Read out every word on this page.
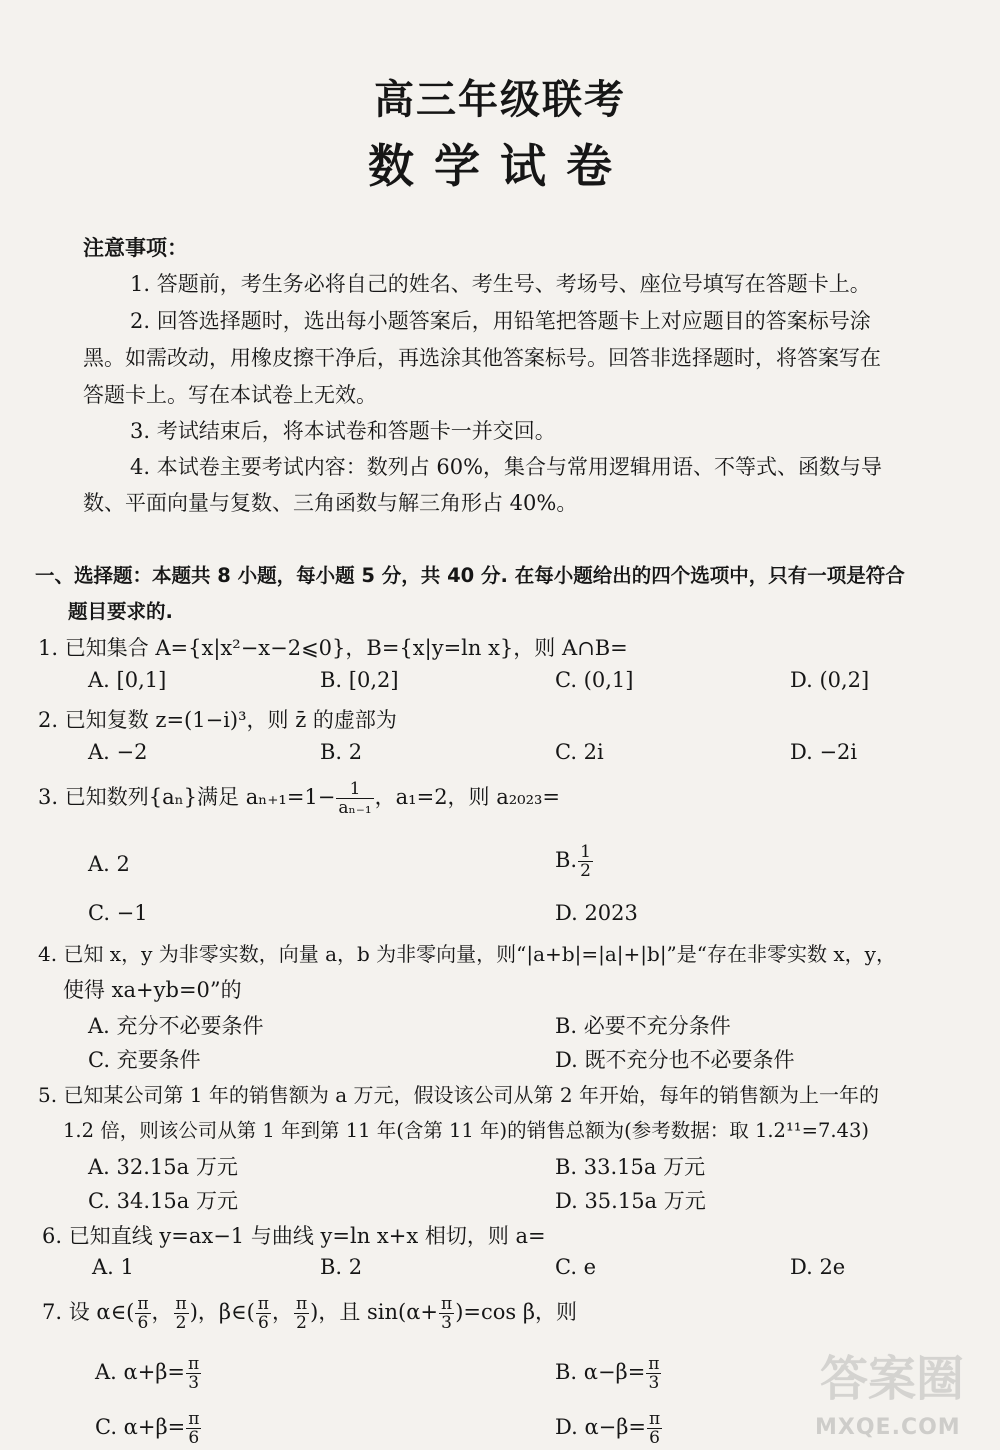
高三年级联考
数学试卷
注意事项：
1. 答题前，考生务必将自己的姓名、考生号、考场号、座位号填写在答题卡上。
2. 回答选择题时，选出每小题答案后，用铅笔把答题卡上对应题目的答案标号涂
黑。如需改动，用橡皮擦干净后，再选涂其他答案标号。回答非选择题时，将答案写在
答题卡上。写在本试卷上无效。
3. 考试结束后，将本试卷和答题卡一并交回。
4. 本试卷主要考试内容：数列占 60%，集合与常用逻辑用语、不等式、函数与导
数、平面向量与复数、三角函数与解三角形占 40%。
一、选择题：本题共 8 小题，每小题 5 分，共 40 分. 在每小题给出的四个选项中，只有一项是符合
题目要求的.
1. 已知集合 A={x|x²−x−2⩽0}，B={x|y=ln x}，则 A∩B=
A. [0,1]	B. [0,2]	C. (0,1]	D. (0,2]
2. 已知复数 z=(1−i)³，则 z̄ 的虚部为
A. −2	B. 2	C. 2i	D. −2i
3. 已知数列{aₙ}满足 $a_{n+1}=1- \frac{1}{\text{aₙ₋₁}}$ ，a₁=2，则 a₂₀₂₃=
A. 2	B. $\frac{1}{2}$
C. −1	D. 2023
4. 已知 x，y 为非零实数，向量 a，b 为非零向量，则“|a+b|=|a|+|b|”是“存在非零实数 x，y，
使得 xa+yb=0”的
A. 充分不必要条件	B. 必要不充分条件
C. 充要条件	D. 既不充分也不必要条件
5. 已知某公司第 1 年的销售额为 a 万元，假设该公司从第 2 年开始，每年的销售额为上一年的
1.2 倍，则该公司从第 1 年到第 11 年(含第 11 年)的销售总额为(参考数据：取 1.2¹¹=7.43)
A. 32.15a 万元	B. 33.15a 万元
C. 34.15a 万元	D. 35.15a 万元
6. 已知直线 y=ax−1 与曲线 y=ln x+x 相切，则 a=
A. 1	B. 2	C. e	D. 2e
7. 设 α∈( $\frac{\pi}{6}$ ， $\frac{\pi}{2}$ )，β∈( $\frac{\pi}{6}$ ， $\frac{\pi}{2}$ )，且 $\sin(\alpha+ \frac{\pi}{3} )=\cos$ β，则
A. $\alpha+\beta= \frac{\pi}{3}$	B. $\alpha-\beta= \frac{\pi}{3}$
C. $\alpha+\beta= \frac{\pi}{6}$	D. $\alpha-\beta= \frac{\pi}{6}$
答案圈
MXQE.COM
